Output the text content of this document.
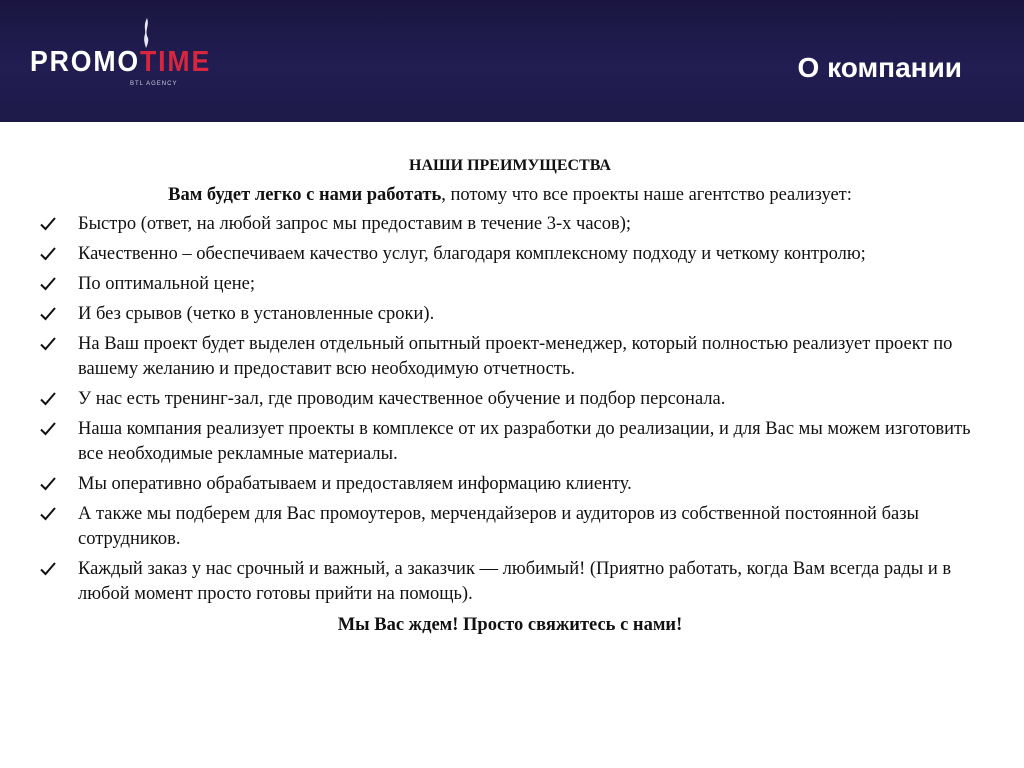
PROMOTIME
BTL AGENCY
О компании
НАШИ ПРЕИМУЩЕСТВА
Вам будет легко с нами работать, потому что все проекты наше агентство реализует:
Быстро (ответ, на любой запрос мы предоставим в течение 3-х часов);
Качественно – обеспечиваем качество услуг, благодаря комплексному подходу и четкому контролю;
По оптимальной цене;
И без срывов (четко в установленные сроки).
На Ваш проект будет выделен отдельный опытный проект-менеджер, который полностью реализует проект по вашему желанию и предоставит всю необходимую отчетность.
У нас есть тренинг-зал, где проводим качественное обучение и подбор персонала.
Наша компания реализует проекты в комплексе от их разработки до реализации, и для Вас мы можем изготовить все необходимые рекламные материалы.
Мы оперативно обрабатываем и предоставляем информацию клиенту.
А также мы подберем для Вас промоутеров, мерчендайзеров и аудиторов из собственной постоянной базы сотрудников.
Каждый заказ у нас срочный и важный, а заказчик — любимый! (Приятно работать, когда Вам всегда рады и в любой момент просто готовы прийти на помощь).
Мы Вас ждем! Просто свяжитесь с нами!
